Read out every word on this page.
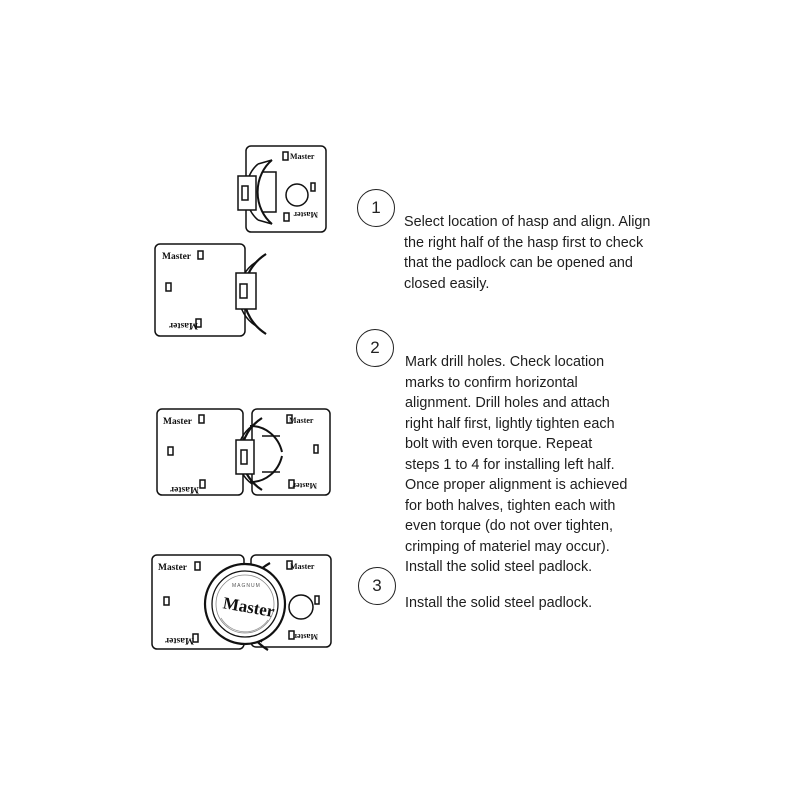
Master
Master
Master
Master
Master
Master
Master
Master
MAGNUM
Master
Master
Master
Master
Master
1
Select location of hasp and align. Align
the right half of the hasp first to check
that the padlock can be opened and
closed easily.
2
Mark drill holes. Check location
marks to confirm horizontal
alignment. Drill holes and attach
right half first, lightly tighten each
bolt with even torque. Repeat
steps 1 to 4 for installing left half.
Once proper alignment is achieved
for both halves, tighten each with
even torque (do not over tighten,
crimping of materiel may occur).
Install the solid steel padlock.
3
Install the solid steel padlock.
